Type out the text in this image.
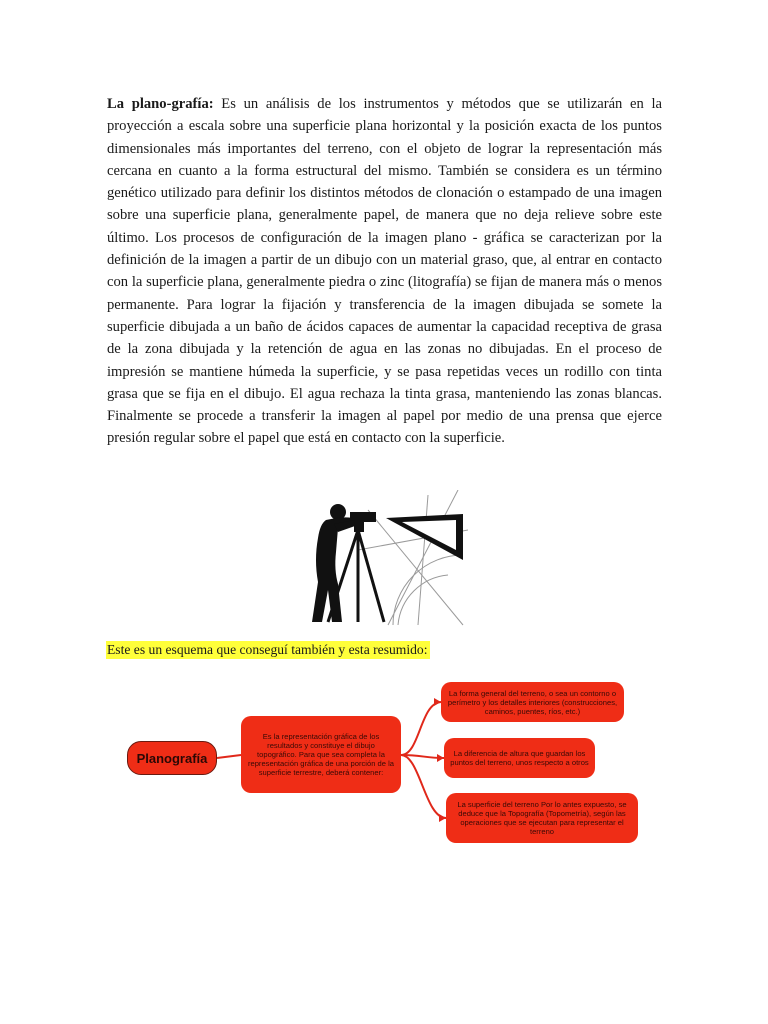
La plano-grafía: Es un análisis de los instrumentos y métodos que se utilizarán en la proyección a escala sobre una superficie plana horizontal y la posición exacta de los puntos dimensionales más importantes del terreno, con el objeto de lograr la representación más cercana en cuanto a la forma estructural del mismo. También se considera es un término genético utilizado para definir los distintos métodos de clonación o estampado de una imagen sobre una superficie plana, generalmente papel, de manera que no deja relieve sobre este último. Los procesos de configuración de la imagen plano - gráfica se caracterizan por la definición de la imagen a partir de un dibujo con un material graso, que, al entrar en contacto con la superficie plana, generalmente piedra o zinc (litografía) se fijan de manera más o menos permanente. Para lograr la fijación y transferencia de la imagen dibujada se somete la superficie dibujada a un baño de ácidos capaces de aumentar la capacidad receptiva de grasa de la zona dibujada y la retención de agua en las zonas no dibujadas. En el proceso de impresión se mantiene húmeda la superficie, y se pasa repetidas veces un rodillo con tinta grasa que se fija en el dibujo. El agua rechaza la tinta grasa, manteniendo las zonas blancas. Finalmente se procede a transferir la imagen al papel por medio de una prensa que ejerce presión regular sobre el papel que está en contacto con la superficie.

Este es un esquema que conseguí también y esta resumido:
Planografía
Es la representación gráfica de los resultados y constituye el dibujo topográfico. Para que sea completa la representación gráfica de una porción de la superficie terrestre, deberá contener:
La forma general del terreno, o sea un contorno o perímetro y los detalles interiores (construcciones, caminos, puentes, ríos, etc.)
La diferencia de altura que guardan los puntos del terreno, unos respecto a otros
La superficie del terreno Por lo antes expuesto, se deduce que la Topografía (Topometría), según las operaciones que se ejecutan para representar el terreno
